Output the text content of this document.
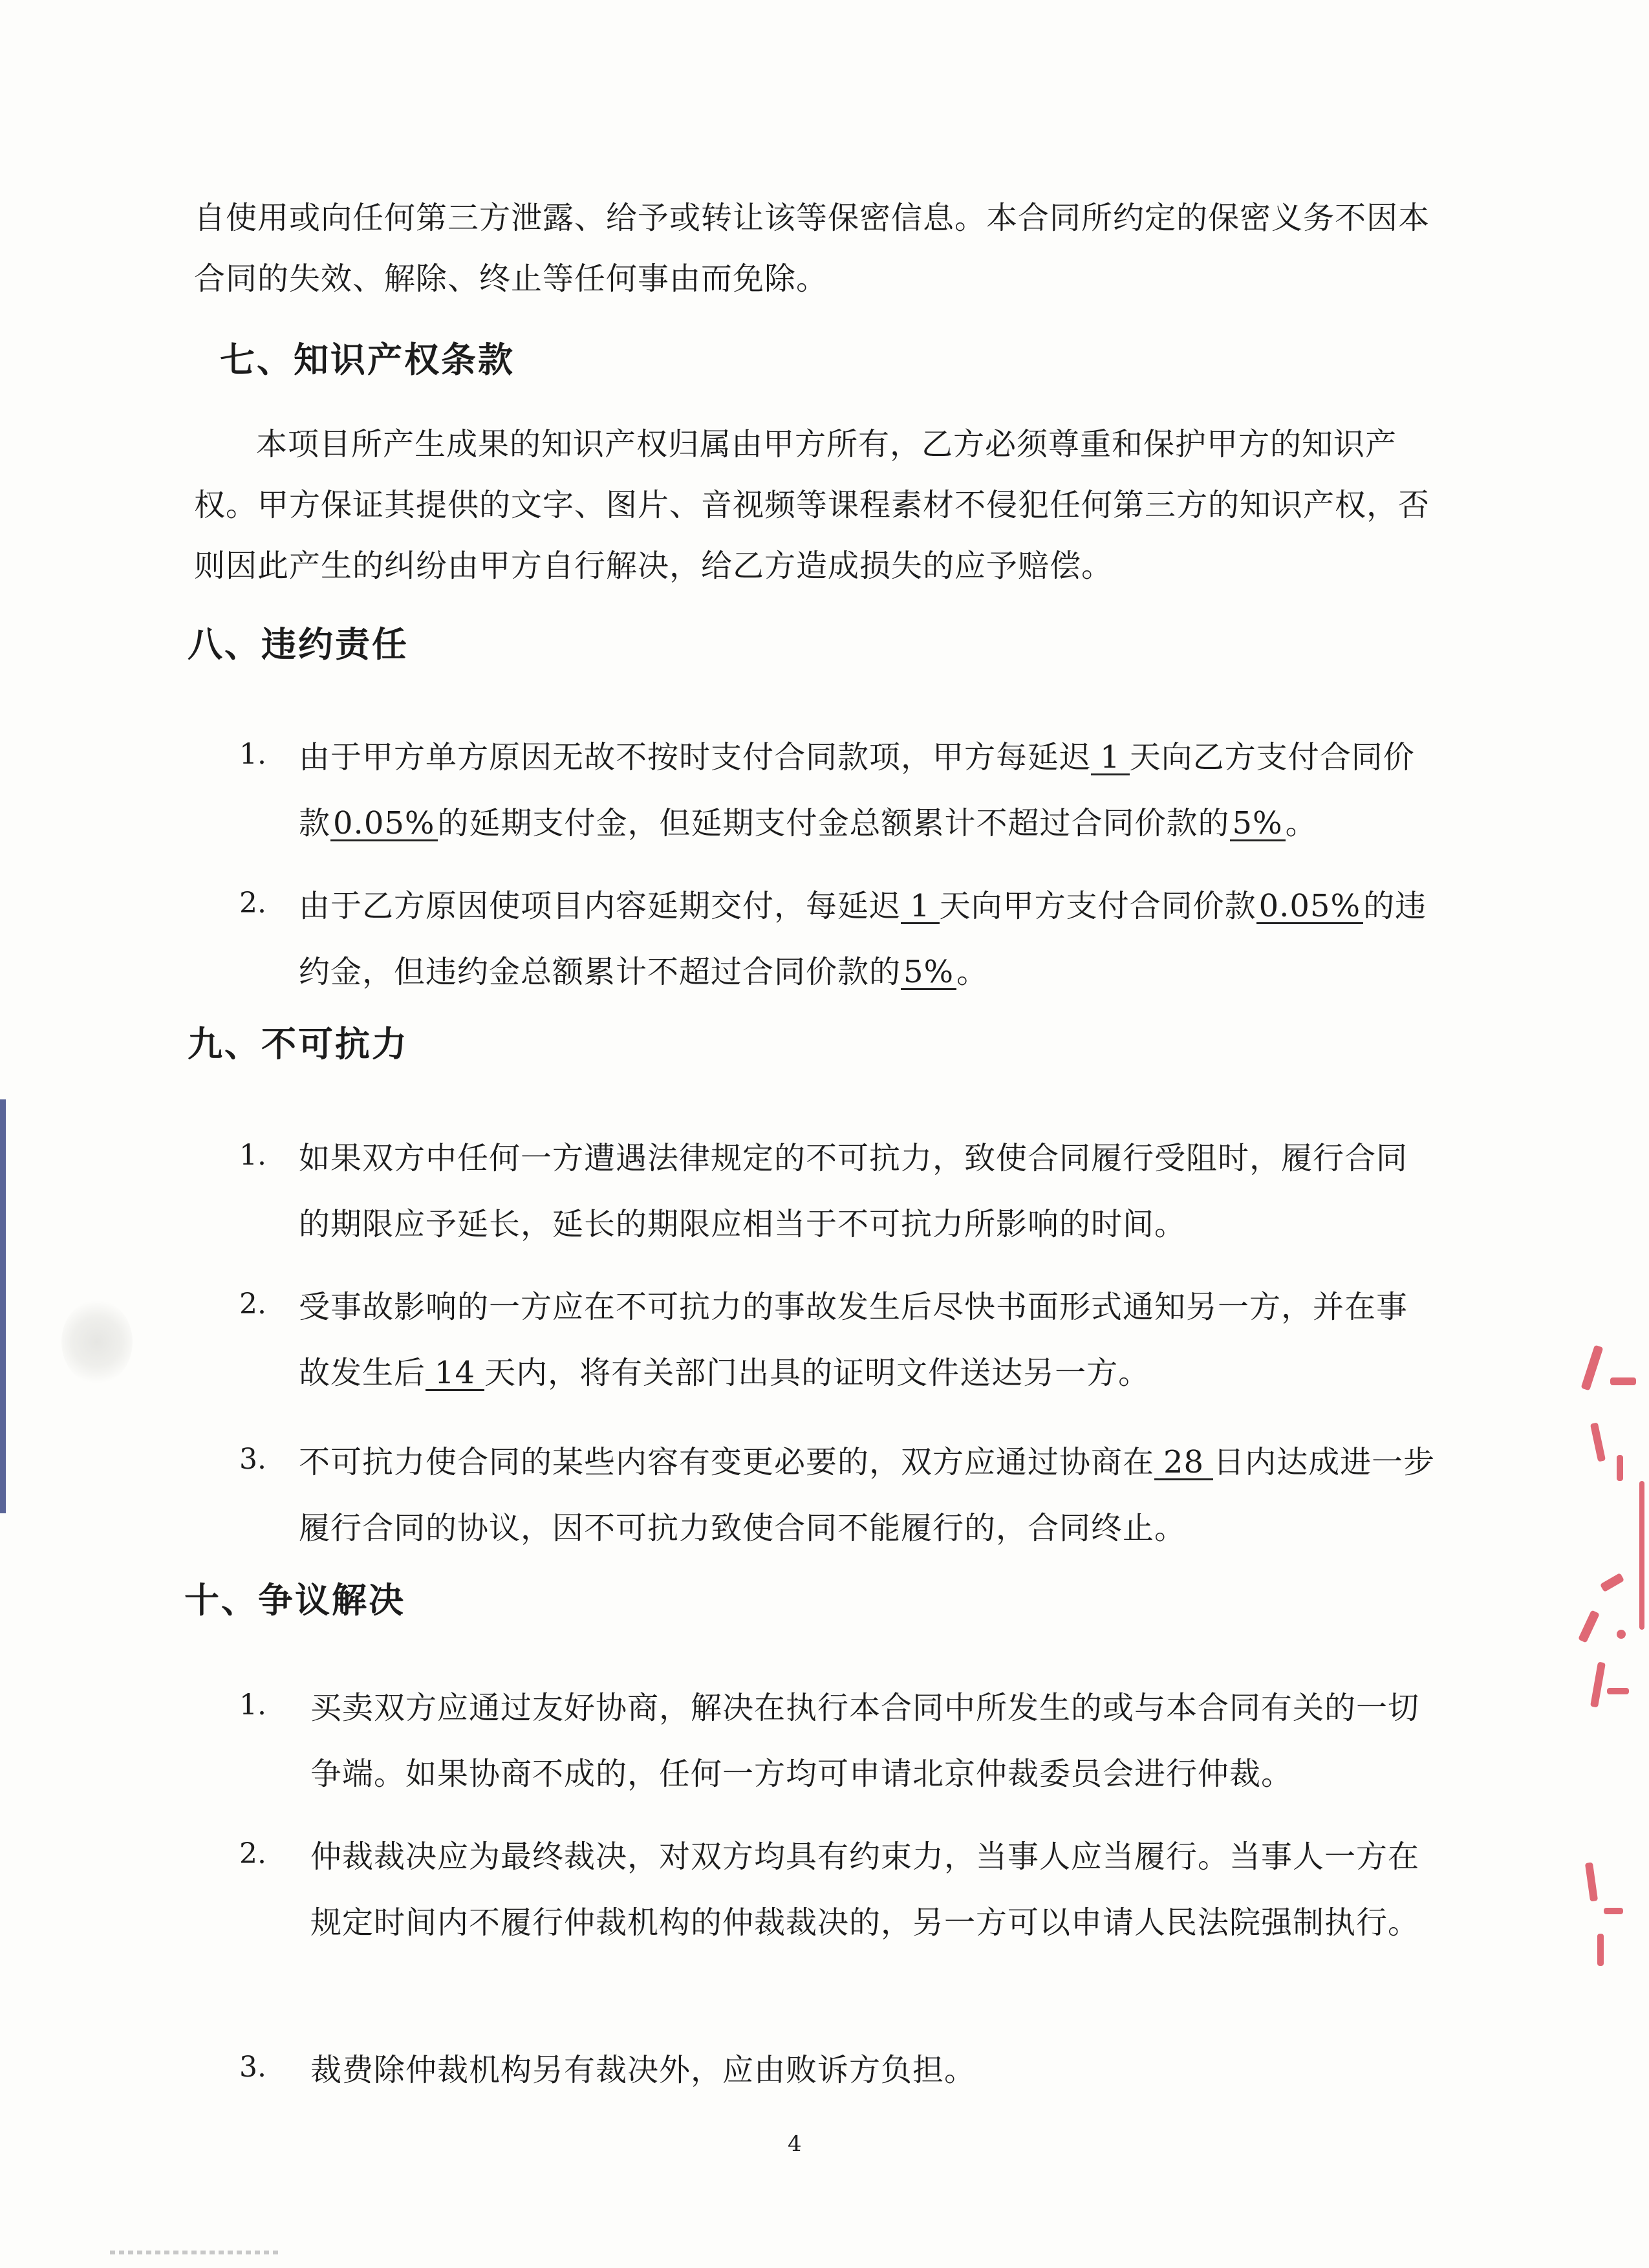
自使用或向任何第三方泄露、给予或转让该等保密信息。本合同所约定的保密义务不因本合同的失效、解除、终止等任何事由而免除。

七、知识产权条款

本项目所产生成果的知识产权归属由甲方所有，乙方必须尊重和保护甲方的知识产权。甲方保证其提供的文字、图片、音视频等课程素材不侵犯任何第三方的知识产权，否则因此产生的纠纷由甲方自行解决，给乙方造成损失的应予赔偿。

八、违约责任
1. 由于甲方单方原因无故不按时支付合同款项，甲方每延迟 1 天向乙方支付合同价款0.05%的延期支付金，但延期支付金总额累计不超过合同价款的5%。

2. 由于乙方原因使项目内容延期交付，每延迟 1 天向甲方支付合同价款0.05%的违约金，但违约金总额累计不超过合同价款的5%。

九、不可抗力
1. 如果双方中任何一方遭遇法律规定的不可抗力，致使合同履行受阻时，履行合同的期限应予延长，延长的期限应相当于不可抗力所影响的时间。

2. 受事故影响的一方应在不可抗力的事故发生后尽快书面形式通知另一方，并在事故发生后 14 天内，将有关部门出具的证明文件送达另一方。

3. 不可抗力使合同的某些内容有变更必要的，双方应通过协商在 28 日内达成进一步履行合同的协议，因不可抗力致使合同不能履行的，合同终止。

十、争议解决
1. 买卖双方应通过友好协商，解决在执行本合同中所发生的或与本合同有关的一切争端。如果协商不成的，任何一方均可申请北京仲裁委员会进行仲裁。

2. 仲裁裁决应为最终裁决，对双方均具有约束力，当事人应当履行。当事人一方在规定时间内不履行仲裁机构的仲裁裁决的，另一方可以申请人民法院强制执行。

3. 裁费除仲裁机构另有裁决外，应由败诉方负担。

4
